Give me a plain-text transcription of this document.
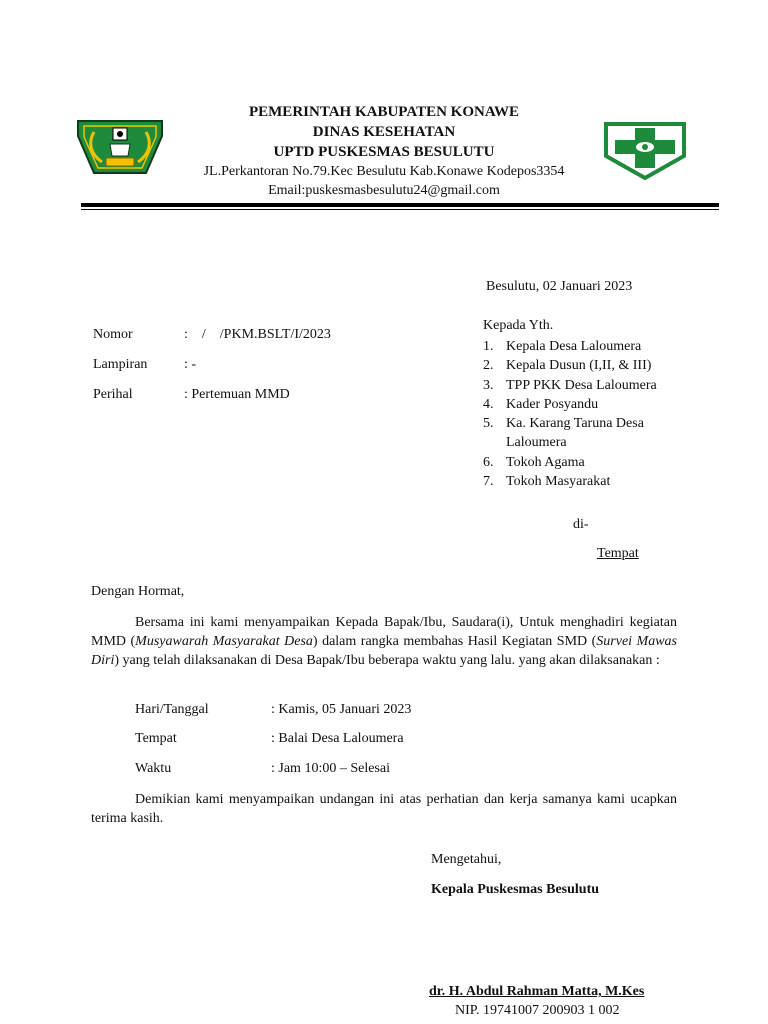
PEMERINTAH KABUPATEN KONAWE
DINAS KESEHATAN
UPTD PUSKESMAS BESULUTU
JL.Perkantoran No.79.Kec Besulutu Kab.Konawe Kodepos3354
Email:puskesmasbesulutu24@gmail.com
Besulutu, 02 Januari 2023
Nomor	:    /    /PKM.BSLT/I/2023
Lampiran	: -
Perihal	: Pertemuan MMD
Kepada Yth.
1. Kepala Desa Laloumera
2. Kepala Dusun (I,II, & III)
3. TPP PKK Desa Laloumera
4. Kader Posyandu
5. Ka. Karang Taruna Desa Laloumera
6. Tokoh Agama
7. Tokoh Masyarakat
di-
Tempat
Dengan Hormat,
Bersama ini kami menyampaikan Kepada Bapak/Ibu, Saudara(i), Untuk menghadiri kegiatan MMD (Musyawarah Masyarakat Desa) dalam rangka membahas Hasil Kegiatan SMD (Survei Mawas Diri) yang telah dilaksanakan di Desa Bapak/Ibu beberapa waktu yang lalu. yang akan dilaksanakan :
Hari/Tanggal	: Kamis, 05 Januari 2023
Tempat	: Balai Desa Laloumera
Waktu	: Jam 10:00 – Selesai
Demikian kami menyampaikan undangan ini atas perhatian dan kerja samanya kami ucapkan terima kasih.
Mengetahui,
Kepala Puskesmas Besulutu
dr. H. Abdul Rahman Matta, M.Kes
NIP. 19741007 200903 1 002
